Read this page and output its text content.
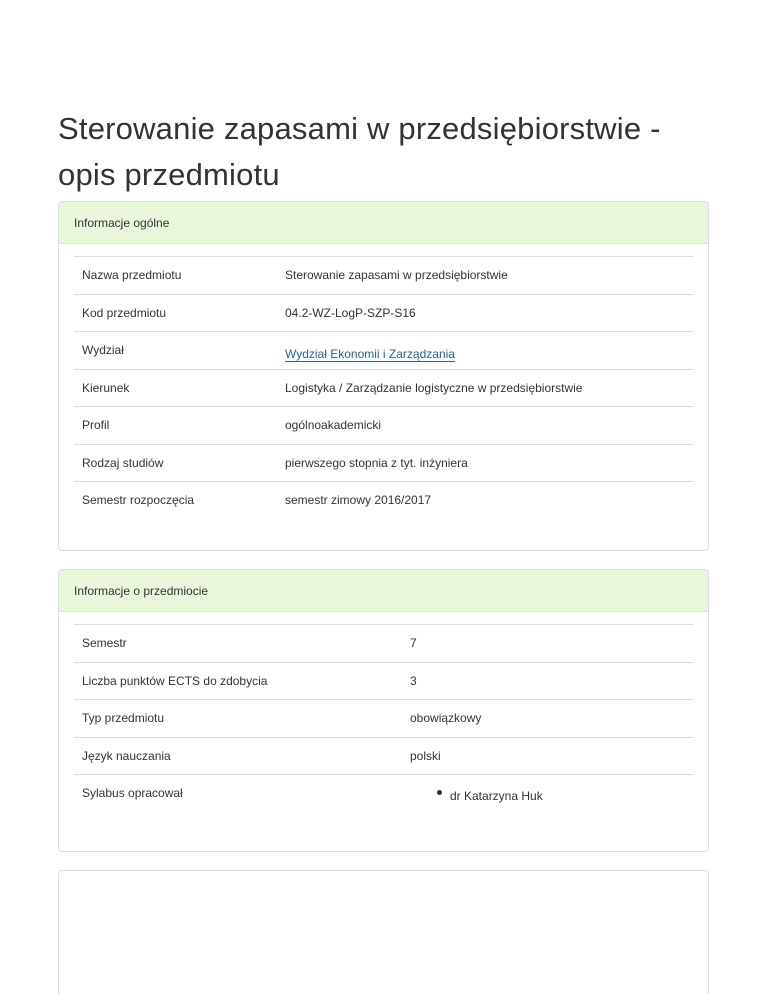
Sterowanie zapasami w przedsiębiorstwie - opis przedmiotu
Informacje ogólne
Nazwa przedmiotu	Sterowanie zapasami w przedsiębiorstwie
Kod przedmiotu	04.2-WZ-LogP-SZP-S16
Wydział	Wydział Ekonomii i Zarządzania
Kierunek	Logistyka / Zarządzanie logistyczne w przedsiębiorstwie
Profil	ogólnoakademicki
Rodzaj studiów	pierwszego stopnia z tyt. inżyniera
Semestr rozpoczęcia	semestr zimowy 2016/2017
Informacje o przedmiocie
Semestr	7
Liczba punktów ECTS do zdobycia	3
Typ przedmiotu	obowiązkowy
Język nauczania	polski
Sylabus opracował	dr Katarzyna Huk
